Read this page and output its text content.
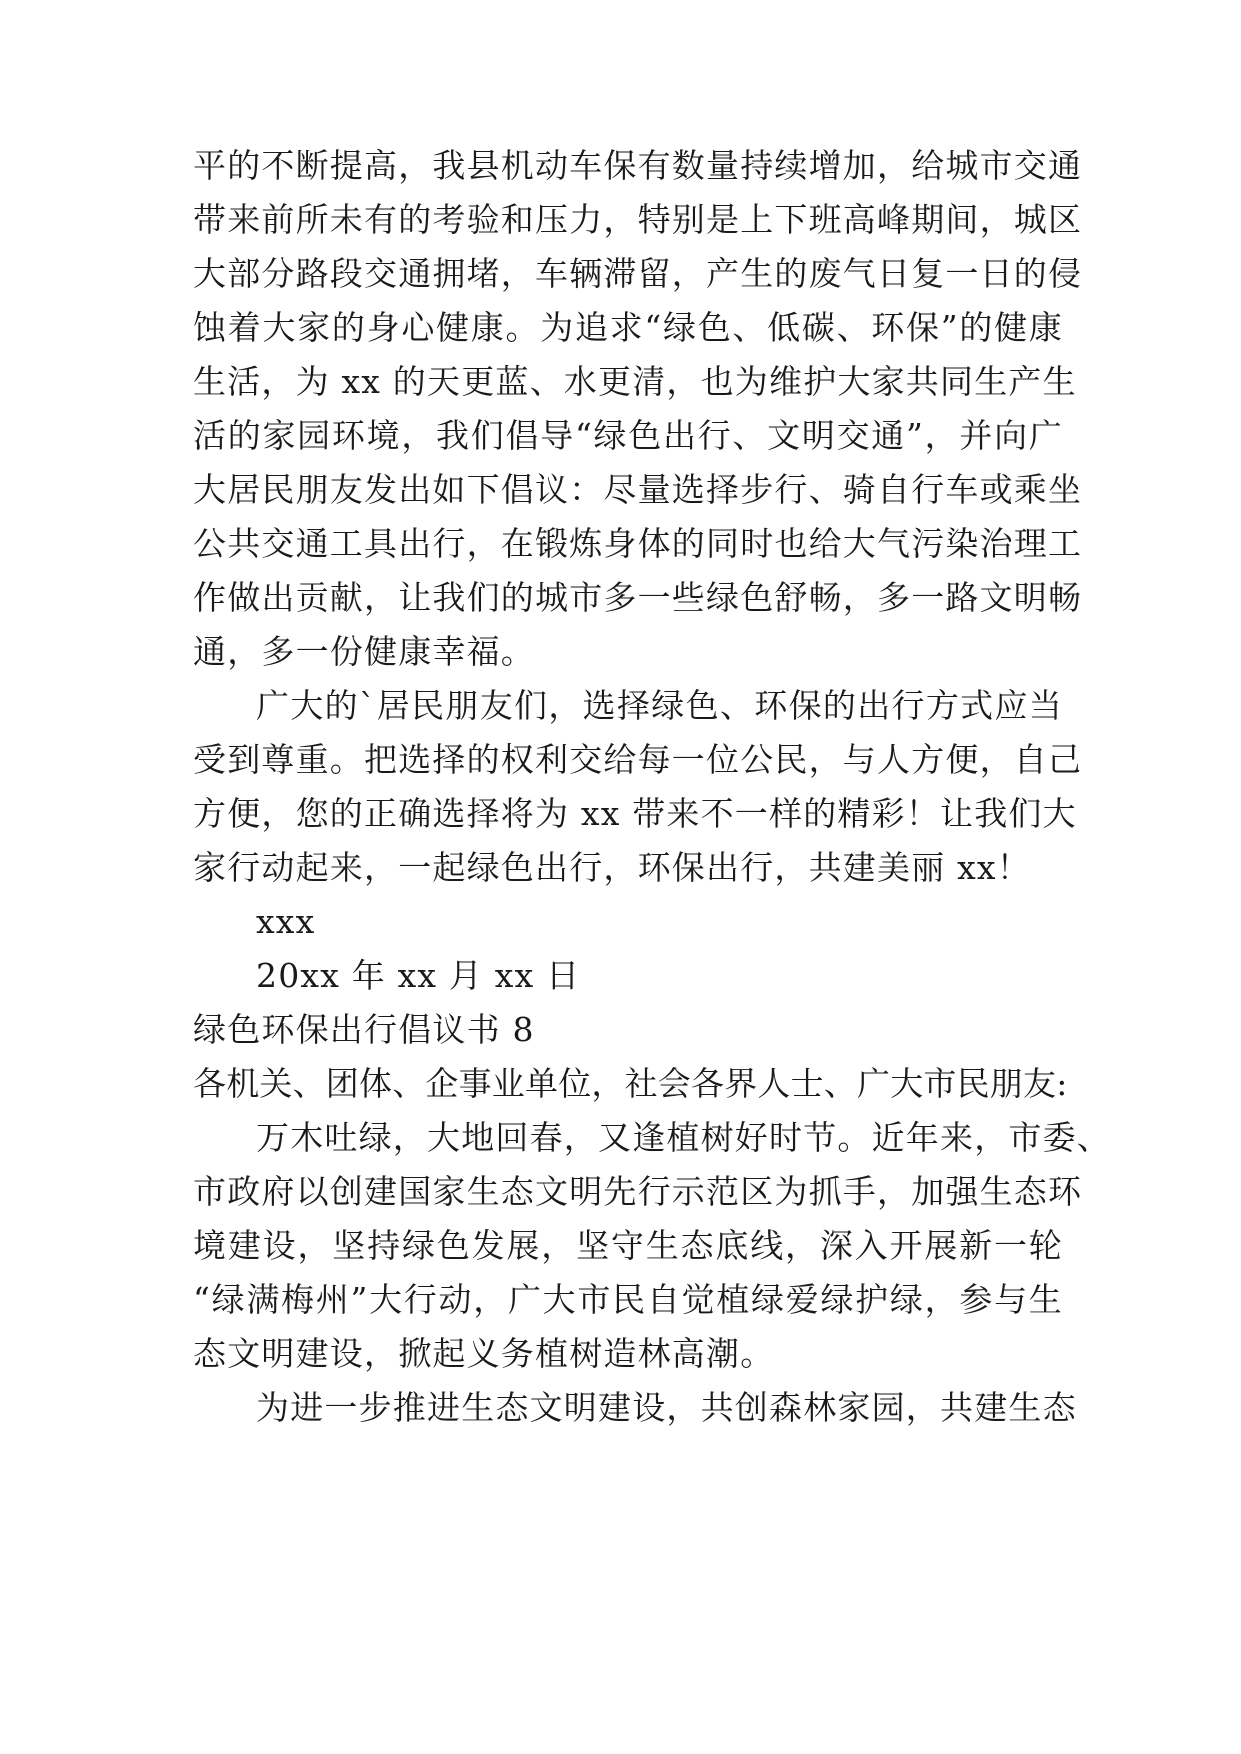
平的不断提高，我县机动车保有数量持续增加，给城市交通
带来前所未有的考验和压力，特别是上下班高峰期间，城区
大部分路段交通拥堵，车辆滞留，产生的废气日复一日的侵
蚀着大家的身心健康。为追求“绿色、低碳、环保”的健康
生活，为 xx 的天更蓝、水更清，也为维护大家共同生产生
活的家园环境，我们倡导“绿色出行、文明交通”，并向广
大居民朋友发出如下倡议：尽量选择步行、骑自行车或乘坐
公共交通工具出行，在锻炼身体的同时也给大气污染治理工
作做出贡献，让我们的城市多一些绿色舒畅，多一路文明畅
通，多一份健康幸福。
广大的`居民朋友们，选择绿色、环保的出行方式应当
受到尊重。把选择的权利交给每一位公民，与人方便，自己
方便，您的正确选择将为 xx 带来不一样的精彩！让我们大
家行动起来，一起绿色出行，环保出行，共建美丽 xx！
xxx
20xx 年 xx 月 xx 日
绿色环保出行倡议书 8
各机关、团体、企事业单位，社会各界人士、广大市民朋友:
万木吐绿，大地回春，又逢植树好时节。近年来，市委、
市政府以创建国家生态文明先行示范区为抓手，加强生态环
境建设，坚持绿色发展，坚守生态底线，深入开展新一轮
“绿满梅州”大行动，广大市民自觉植绿爱绿护绿，参与生
态文明建设，掀起义务植树造林高潮。
为进一步推进生态文明建设，共创森林家园，共建生态
